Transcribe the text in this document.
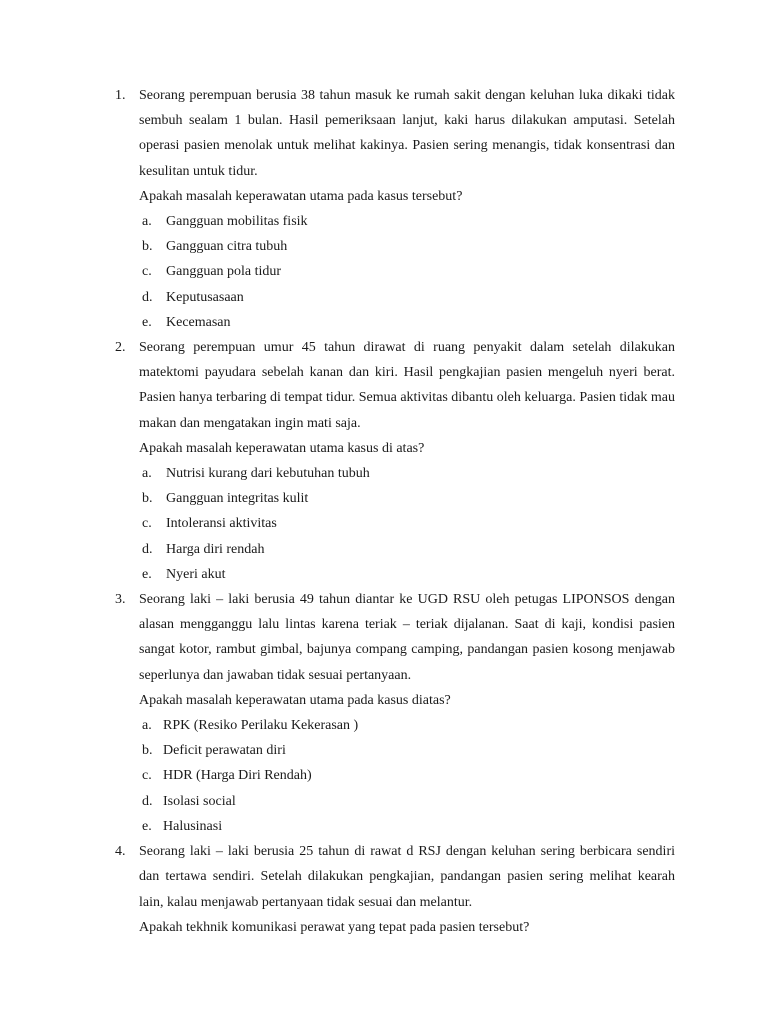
1. Seorang perempuan berusia 38 tahun masuk ke rumah sakit dengan keluhan luka dikaki tidak sembuh sealam 1 bulan. Hasil pemeriksaan lanjut, kaki harus dilakukan amputasi. Setelah operasi pasien menolak untuk melihat kakinya. Pasien sering menangis, tidak konsentrasi dan kesulitan untuk tidur.

Apakah masalah keperawatan utama pada kasus tersebut?

a. Gangguan mobilitas fisik
b. Gangguan citra tubuh
c. Gangguan pola tidur
d. Keputusasaan
e. Kecemasan
2. Seorang perempuan umur 45 tahun dirawat di ruang penyakit dalam setelah dilakukan matektomi payudara sebelah kanan dan kiri. Hasil pengkajian pasien mengeluh nyeri berat. Pasien hanya terbaring di tempat tidur. Semua aktivitas dibantu oleh keluarga. Pasien tidak mau makan dan mengatakan ingin mati saja.

Apakah masalah keperawatan utama kasus di atas?

a. Nutrisi kurang dari kebutuhan tubuh
b. Gangguan integritas kulit
c. Intoleransi aktivitas
d. Harga diri rendah
e. Nyeri akut
3. Seorang laki – laki berusia 49 tahun diantar ke UGD RSU oleh petugas LIPONSOS dengan alasan mengganggu lalu lintas karena teriak – teriak dijalanan. Saat di kaji, kondisi pasien sangat kotor, rambut gimbal, bajunya compang camping, pandangan pasien kosong menjawab seperlunya dan jawaban tidak sesuai pertanyaan.

Apakah masalah keperawatan utama pada kasus diatas?

a. RPK (Resiko Perilaku Kekerasan )
b. Deficit perawatan diri
c. HDR (Harga Diri Rendah)
d. Isolasi social
e. Halusinasi
4. Seorang laki – laki berusia 25 tahun di rawat d RSJ dengan keluhan sering berbicara sendiri dan tertawa sendiri. Setelah dilakukan pengkajian, pandangan pasien sering melihat kearah lain, kalau menjawab pertanyaan tidak sesuai dan melantur.

Apakah tekhnik komunikasi perawat yang tepat pada pasien tersebut?
